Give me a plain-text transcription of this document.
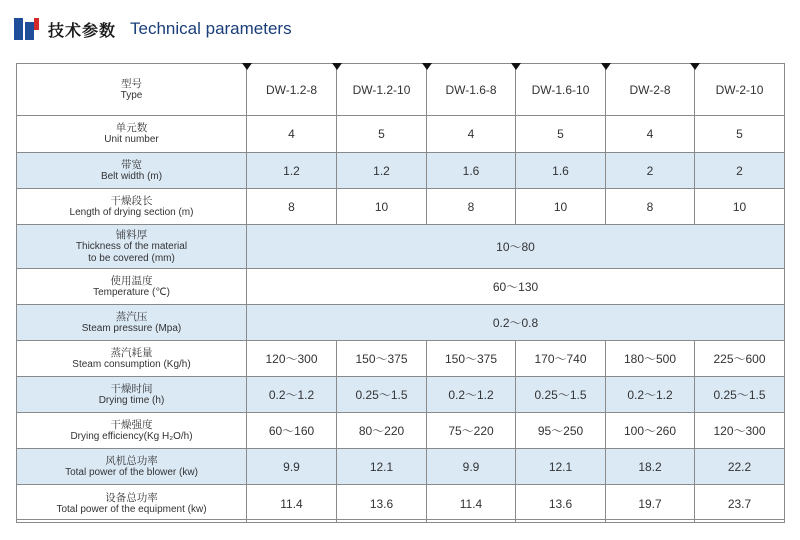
技术参数 Technical parameters
型号
Type	DW-1.2-8	DW-1.2-10	DW-1.6-8	DW-1.6-10	DW-2-8	DW-2-10

单元数
Unit number	4	5	4	5	4	5

带宽
Belt width (m)	1.2	1.2	1.6	1.6	2	2

干燥段长
Length of drying section (m)	8	10	8	10	8	10

铺料厚
Thickness of the material
to be covered (mm)	10～80					

使用温度
Temperature (℃)	60～130					

蒸汽压
Steam pressure (Mpa)	0.2～0.8					

蒸汽耗量
Steam consumption (Kg/h)	120～300	150～375	150～375	170～740	180～500	225～600

干燥时间
Drying time (h)	0.2～1.2	0.25～1.5	0.2～1.2	0.25～1.5	0.2～1.2	0.25～1.5

干燥强度
Drying efficiency(Kg H₂O/h)	60～160	80～220	75～220	95～250	100～260	120～300

风机总功率
Total power of the blower (kw)	9.9	12.1	9.9	12.1	18.2	22.2

设备总功率
Total power of the equipment (kw)	11.4	13.6	11.4	13.6	19.7	23.7
